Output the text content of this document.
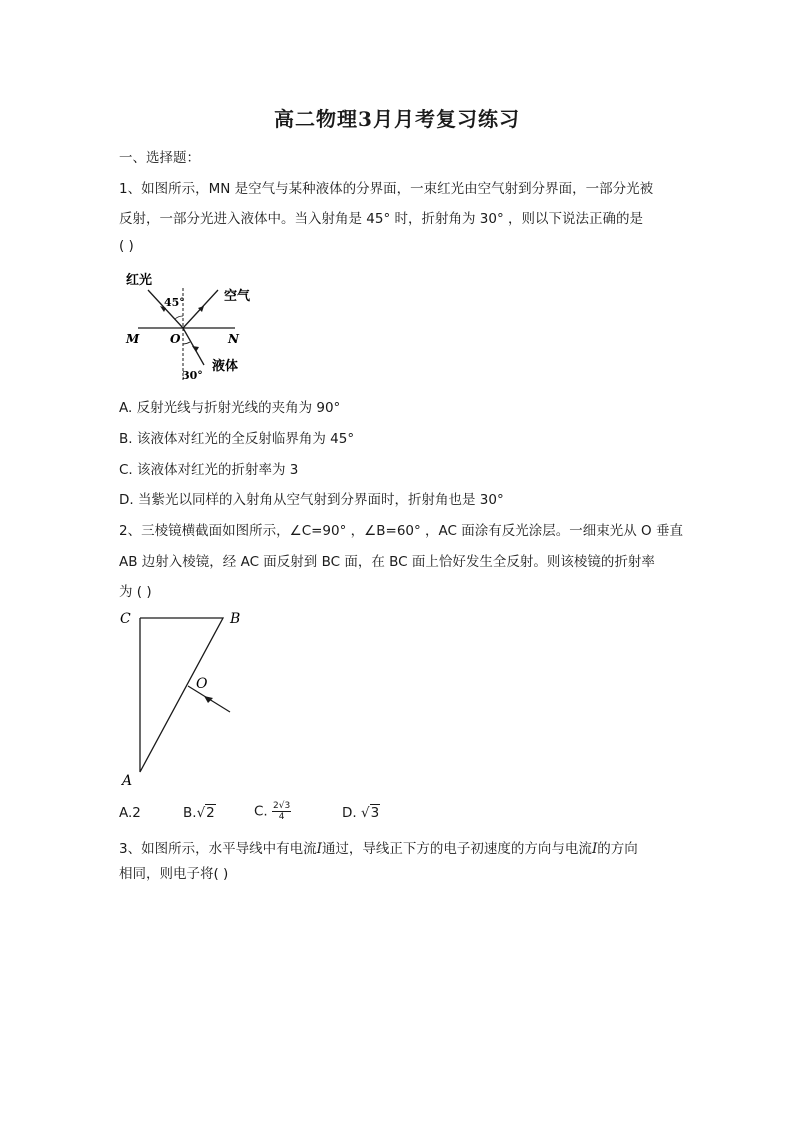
高二物理3月月考复习练习
一、选择题：
1、如图所示，MN 是空气与某种液体的分界面，一束红光由空气射到分界面，一部分光被
反射，一部分光进入液体中。当入射角是 45° 时，折射角为 30° ，则以下说法正确的是
( )
红光
空气
45°
M	O	N
液体
30°
A. 反射光线与折射光线的夹角为 90°
B. 该液体对红光的全反射临界角为 45°
C. 该液体对红光的折射率为 3
D. 当紫光以同样的入射角从空气射到分界面时，折射角也是 30°
2、三棱镜横截面如图所示，∠C=90° ，∠B=60° ，AC 面涂有反光涂层。一细束光从 O 垂直
AB 边射入棱镜，经 AC 面反射到 BC 面，在 BC 面上恰好发生全反射。则该棱镜的折射率
为 ( )
C	B
O
A
A.2	B.√2	C. $\frac{2√3}{4}$	D. √3
3、如图所示，水平导线中有电流I通过，导线正下方的电子初速度的方向与电流I的方向
相同，则电子将( )
